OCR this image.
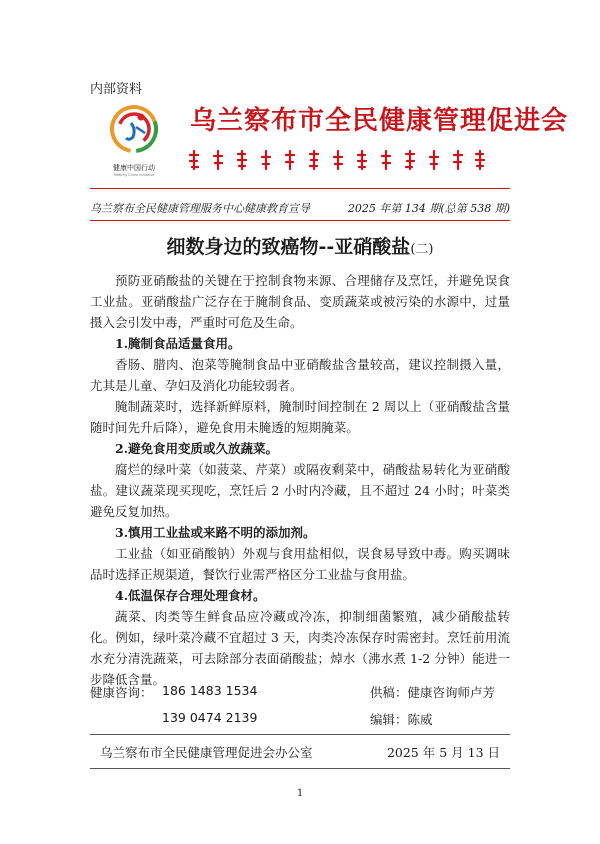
内部资料
健康中国行动
Healthy China Initiative
乌兰察布市全民健康管理促进会
乌兰察布全民健康管理服务中心健康教育宣导	2025 年第 134 期(总第 538 期)
细数身边的致癌物--亚硝酸盐(二)

预防亚硝酸盐的关键在于控制食物来源、合理储存及烹饪，并避免误食工业盐。亚硝酸盐广泛存在于腌制食品、变质蔬菜或被污染的水源中，过量摄入会引发中毒，严重时可危及生命。

1.腌制食品适量食用。

香肠、腊肉、泡菜等腌制食品中亚硝酸盐含量较高，建议控制摄入量，尤其是儿童、孕妇及消化功能较弱者。

腌制蔬菜时，选择新鲜原料，腌制时间控制在 2 周以上（亚硝酸盐含量随时间先升后降），避免食用未腌透的短期腌菜。

2.避免食用变质或久放蔬菜。

腐烂的绿叶菜（如菠菜、芹菜）或隔夜剩菜中，硝酸盐易转化为亚硝酸盐。建议蔬菜现买现吃，烹饪后 2 小时内冷藏，且不超过 24 小时；叶菜类避免反复加热。

3.慎用工业盐或来路不明的添加剂。

工业盐（如亚硝酸钠）外观与食用盐相似，误食易导致中毒。购买调味品时选择正规渠道，餐饮行业需严格区分工业盐与食用盐。

4.低温保存合理处理食材。

蔬菜、肉类等生鲜食品应冷藏或冷冻，抑制细菌繁殖，减少硝酸盐转化。例如，绿叶菜冷藏不宜超过 3 天，肉类冷冻保存时需密封。烹饪前用流水充分清洗蔬菜，可去除部分表面硝酸盐；焯水（沸水煮 1-2 分钟）能进一步降低含量。

健康咨询： 186 1483 1534
139 0474 2139
供稿：健康咨询师卢芳
编辑：陈威
乌兰察布市全民健康管理促进会办公室	2025 年 5 月 13 日
1
